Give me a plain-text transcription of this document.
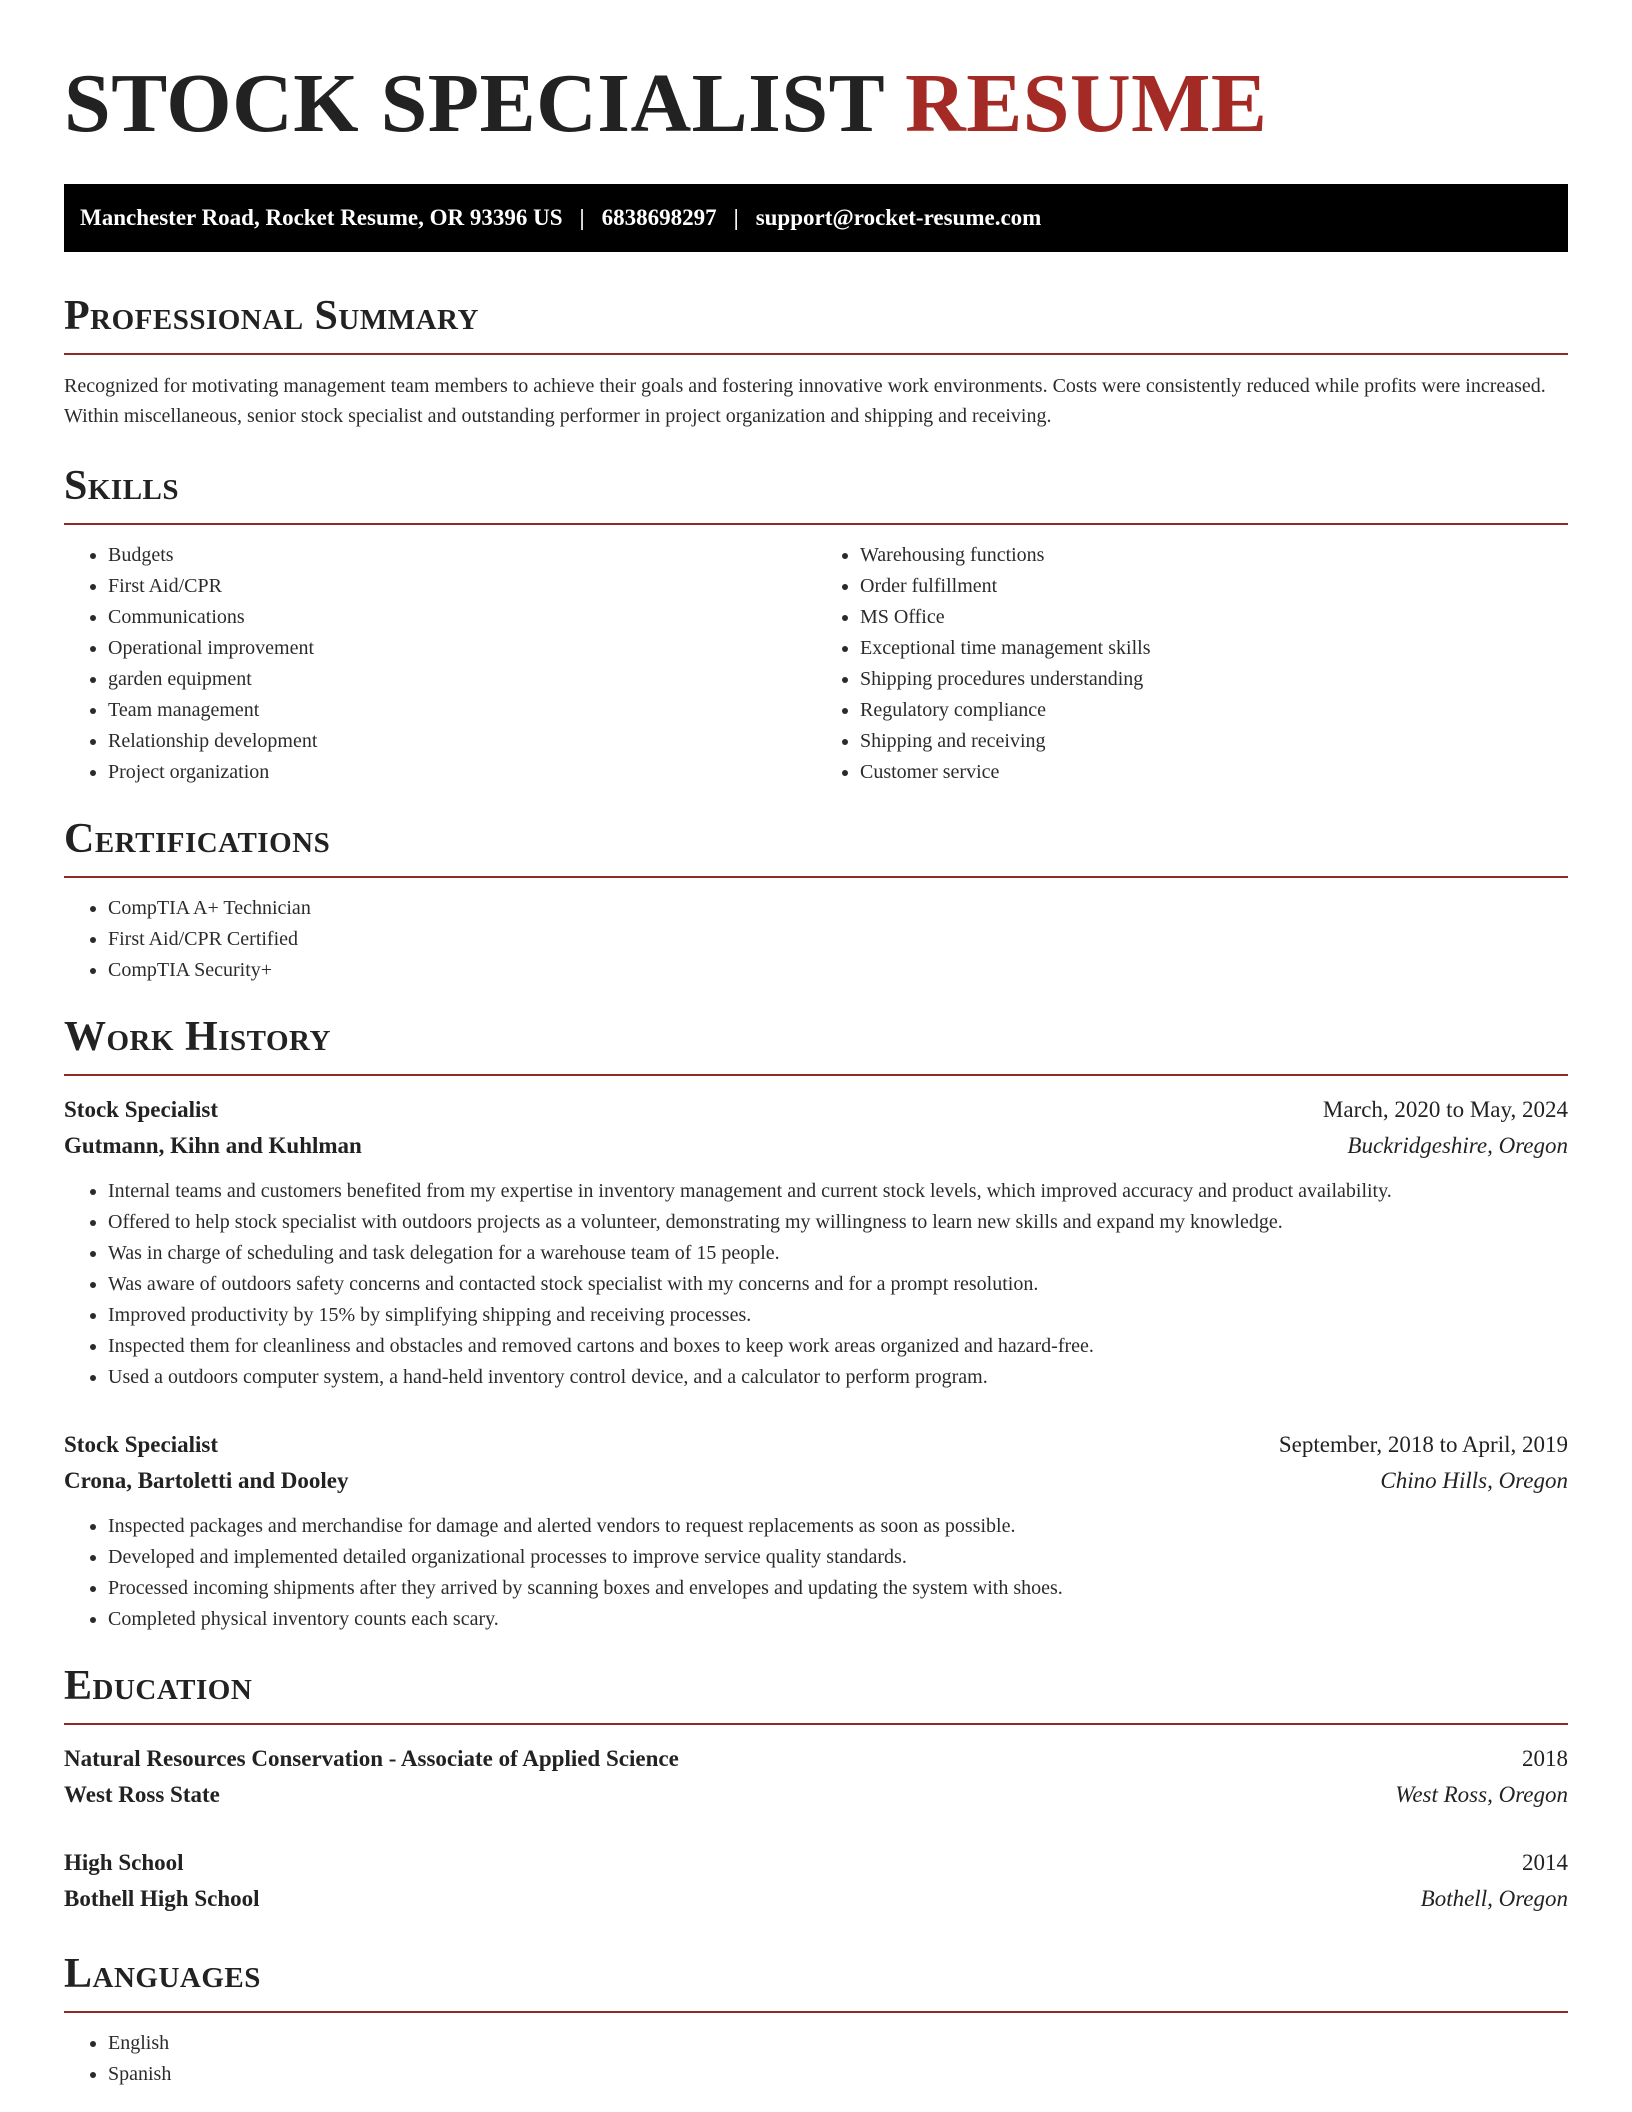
STOCK SPECIALIST RESUME
Manchester Road, Rocket Resume, OR 93396 US | 6838698297 | support@rocket-resume.com
Professional Summary

Recognized for motivating management team members to achieve their goals and fostering innovative work environments. Costs were consistently reduced while profits were increased. Within miscellaneous, senior stock specialist and outstanding performer in project organization and shipping and receiving.

Skills
• Budgets
• First Aid/CPR
• Communications
• Operational improvement
• garden equipment
• Team management
• Relationship development
• Project organization
• Warehousing functions
• Order fulfillment
• MS Office
• Exceptional time management skills
• Shipping procedures understanding
• Regulatory compliance
• Shipping and receiving
• Customer service
Certifications
• CompTIA A+ Technician
• First Aid/CPR Certified
• CompTIA Security+
Work History
Stock Specialist	March, 2020 to May, 2024
Gutmann, Kihn and Kuhlman	Buckridgeshire, Oregon
• Internal teams and customers benefited from my expertise in inventory management and current stock levels, which improved accuracy and product availability.
• Offered to help stock specialist with outdoors projects as a volunteer, demonstrating my willingness to learn new skills and expand my knowledge.
• Was in charge of scheduling and task delegation for a warehouse team of 15 people.
• Was aware of outdoors safety concerns and contacted stock specialist with my concerns and for a prompt resolution.
• Improved productivity by 15% by simplifying shipping and receiving processes.
• Inspected them for cleanliness and obstacles and removed cartons and boxes to keep work areas organized and hazard-free.
• Used a outdoors computer system, a hand-held inventory control device, and a calculator to perform program.
Stock Specialist	September, 2018 to April, 2019
Crona, Bartoletti and Dooley	Chino Hills, Oregon
• Inspected packages and merchandise for damage and alerted vendors to request replacements as soon as possible.
• Developed and implemented detailed organizational processes to improve service quality standards.
• Processed incoming shipments after they arrived by scanning boxes and envelopes and updating the system with shoes.
• Completed physical inventory counts each scary.
Education
Natural Resources Conservation - Associate of Applied Science	2018
West Ross State	West Ross, Oregon
High School	2014
Bothell High School	Bothell, Oregon
Languages
• English
• Spanish
